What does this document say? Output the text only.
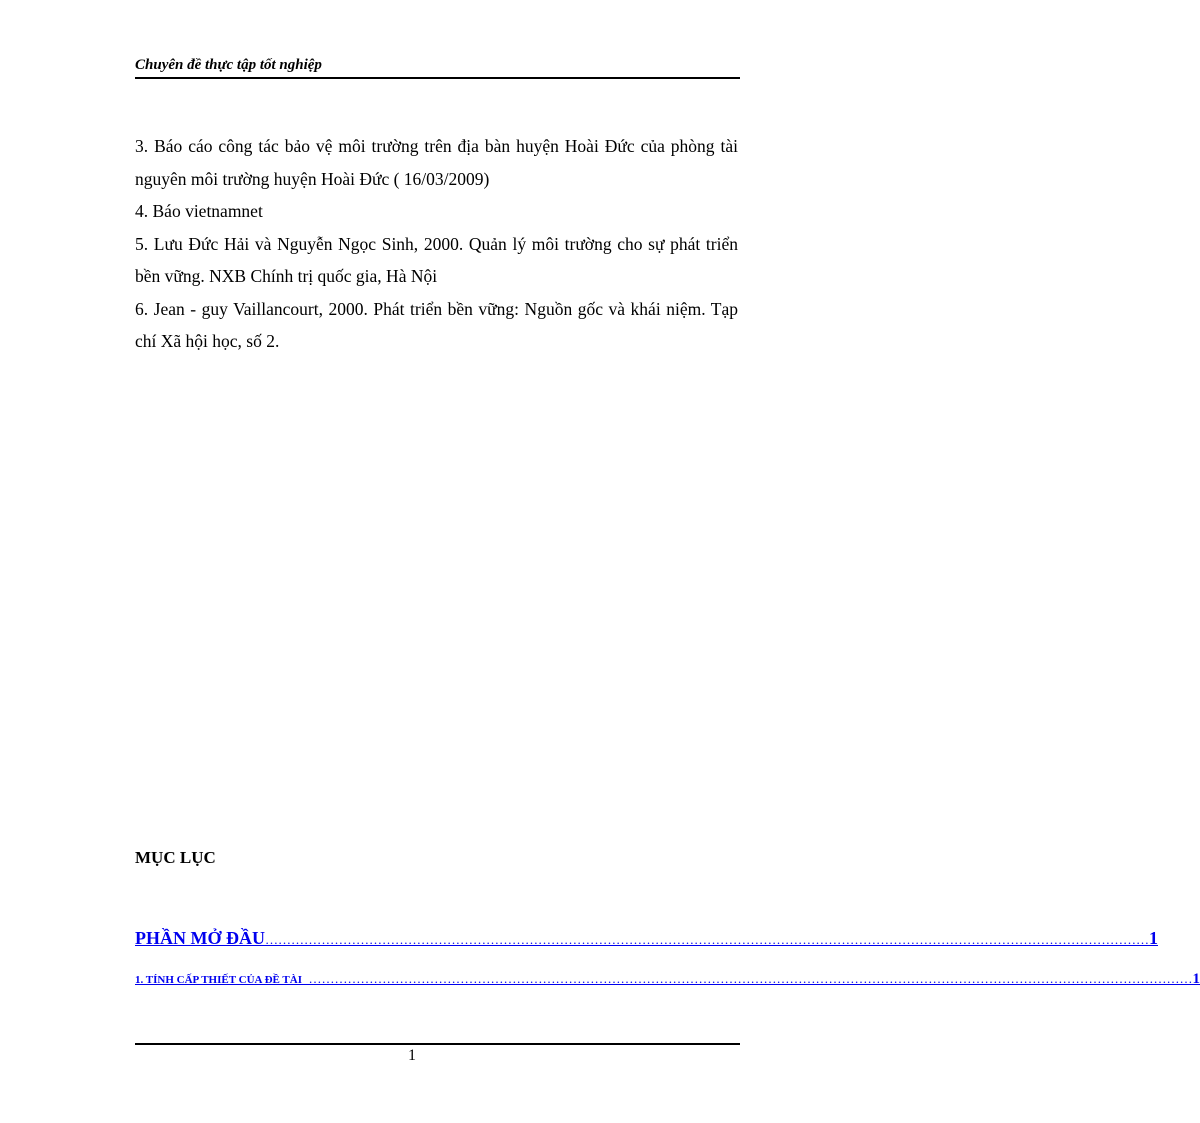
Chuyên đề thực tập tốt nghiệp

3. Báo cáo công tác bảo vệ môi trường trên địa bàn huyện Hoài Đức của phòng tài nguyên môi trường huyện Hoài Đức ( 16/03/2009)

4. Báo vietnamnet

5. Lưu Đức Hải và Nguyễn Ngọc Sinh, 2000. Quản lý môi trường cho sự phát triển bền vững. NXB Chính trị quốc gia, Hà Nội

6. Jean - guy Vaillancourt, 2000. Phát triển bền vững: Nguồn gốc và khái niệm. Tạp chí Xã hội học, số 2.

MỤC LỤC
PHẦN MỞ ĐẦU …………………………………………………………………………………………………………………………………………………………………………………… 1
1. TÍNH CẤP THIẾT CỦA ĐỀ TÀI …………………………………………………………………………………………………………………………………………………………………………………… 1
1
